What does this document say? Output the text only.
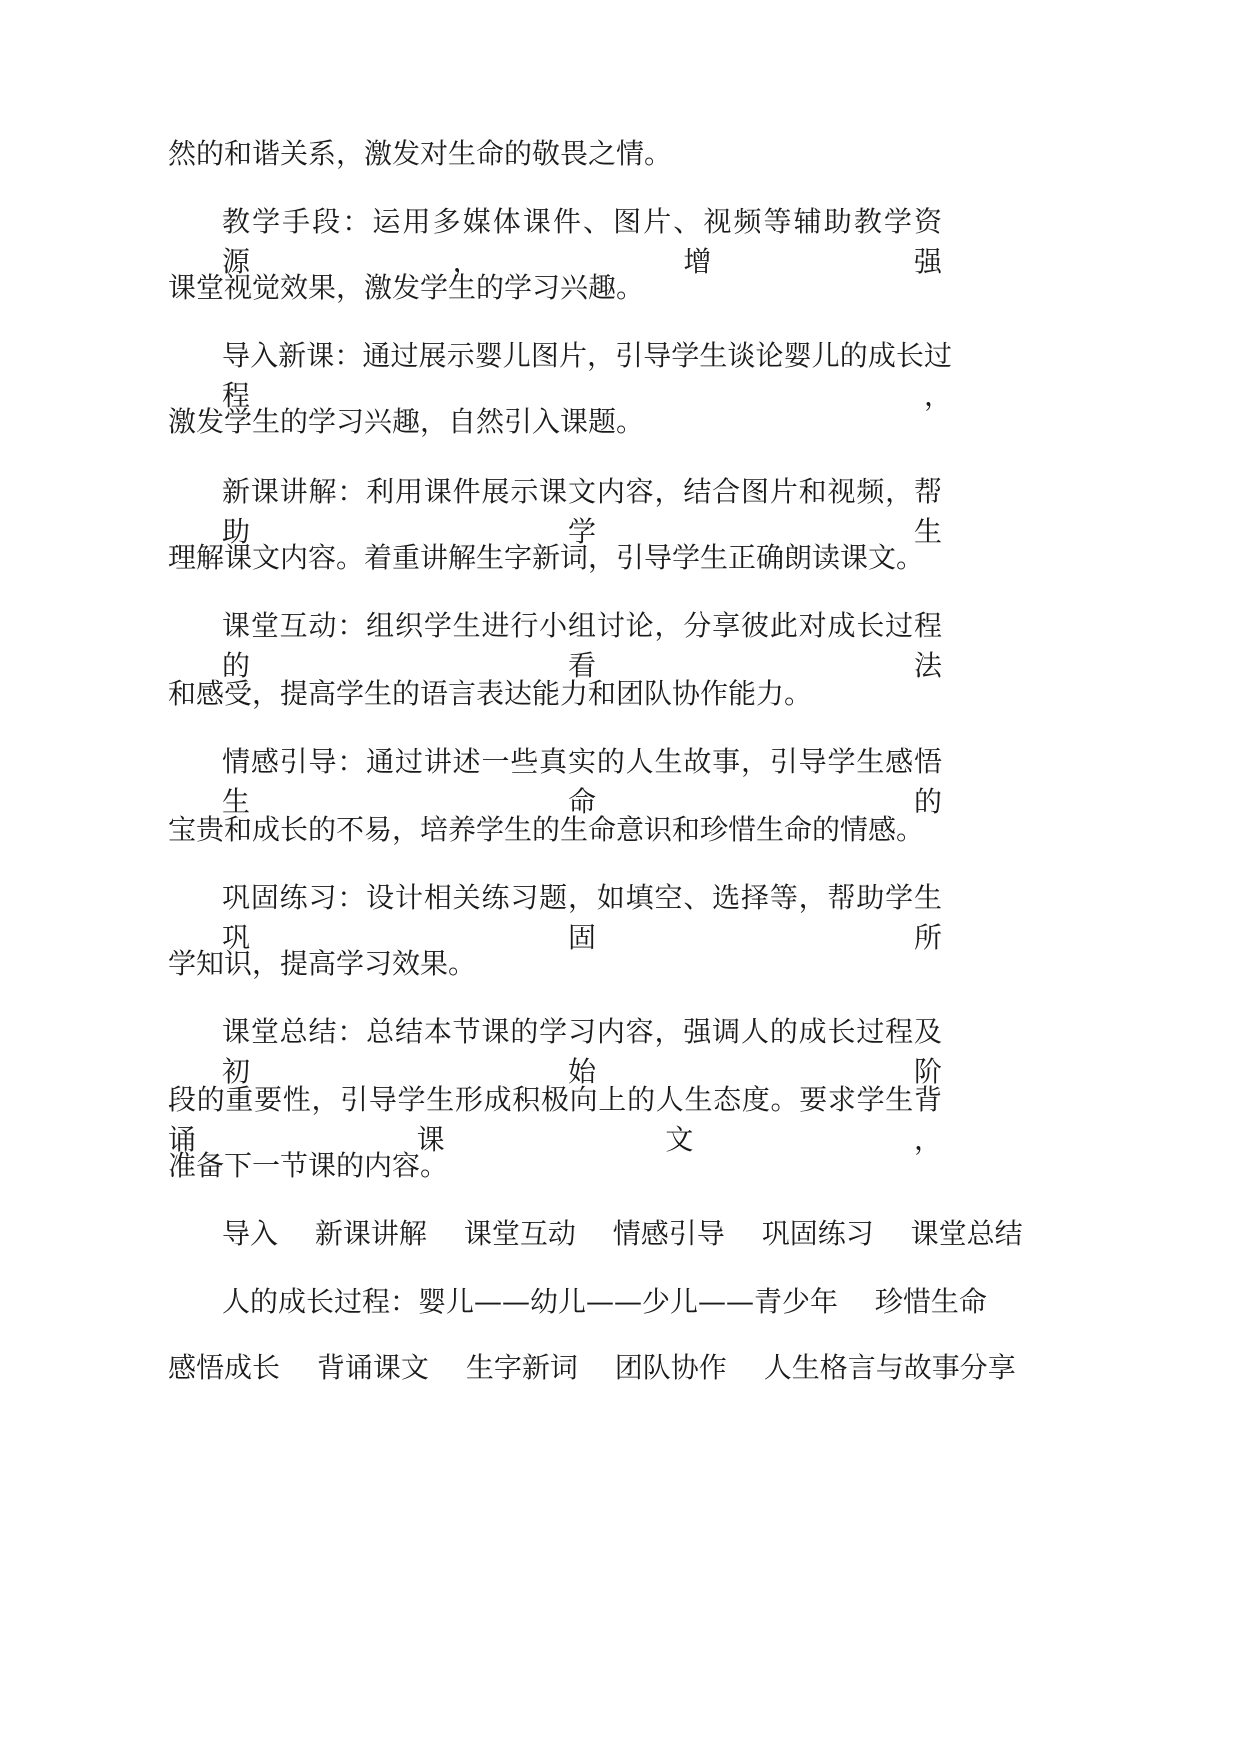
然的和谐关系，激发对生命的敬畏之情。
教学手段：运用多媒体课件、图片、视频等辅助教学资源，增强
课堂视觉效果，激发学生的学习兴趣。
导入新课：通过展示婴儿图片，引导学生谈论婴儿的成长过程，
激发学生的学习兴趣，自然引入课题。
新课讲解：利用课件展示课文内容，结合图片和视频，帮助学生
理解课文内容。着重讲解生字新词，引导学生正确朗读课文。
课堂互动：组织学生进行小组讨论，分享彼此对成长过程的看法
和感受，提高学生的语言表达能力和团队协作能力。
情感引导：通过讲述一些真实的人生故事，引导学生感悟生命的
宝贵和成长的不易，培养学生的生命意识和珍惜生命的情感。
巩固练习：设计相关练习题，如填空、选择等，帮助学生巩固所
学知识，提高学习效果。
课堂总结：总结本节课的学习内容，强调人的成长过程及初始阶
段的重要性，引导学生形成积极向上的人生态度。要求学生背诵课文，
准备下一节课的内容。
导入 新课讲解 课堂互动 情感引导 巩固练习 课堂总结
人的成长过程：婴儿——幼儿——少儿——青少年 珍惜生命
感悟成长 背诵课文 生字新词 团队协作 人生格言与故事分享
